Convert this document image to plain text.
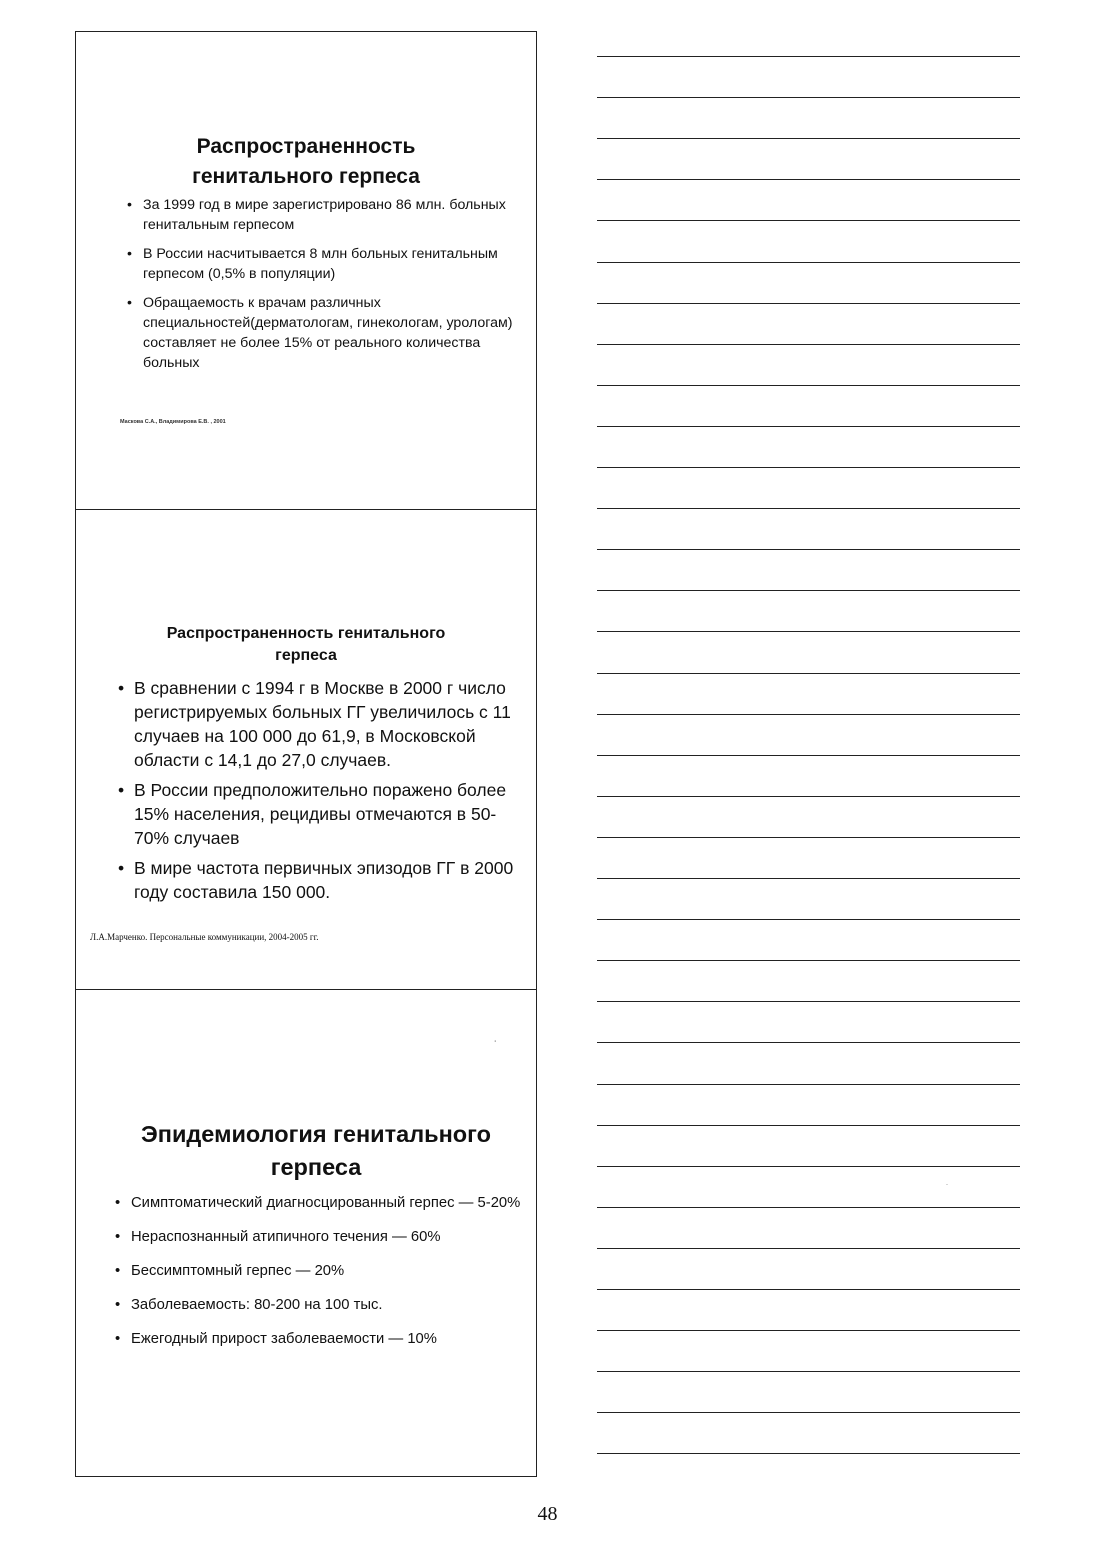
Распространенность генитального герпеса
• За 1999 год в мире зарегистрировано 86 млн. больных генитальным герпесом
• В России насчитывается 8 млн больных генитальным герпесом (0,5% в популяции)
• Обращаемость к врачам различных специальностей(дерматологам, гинекологам, урологам) составляет не более 15% от реального количества больных
Маскова С.А., Владимирова Е.В. , 2001
Распространенность генитального герпеса
• В сравнении с 1994 г в Москве в 2000 г число регистрируемых больных ГГ увеличилось с 11 случаев на 100 000 до 61,9, в Московской области с 14,1 до 27,0 случаев.
• В России предположительно поражено более 15% населения, рецидивы отмечаются в 50-70% случаев
• В мире частота первичных эпизодов ГГ в 2000 году составила 150 000.
Л.А.Марченко. Персональные коммуникации, 2004-2005 гг.
˙
Эпидемиология генитального герпеса
• Симптоматический диагносцированный герпес — 5-20%
• Нераспознанный атипичного течения — 60%
• Бессимптомный герпес — 20%
• Заболеваемость: 80-200 на 100 тыс.
• Ежегодный прирост заболеваемости — 10%
·
48
